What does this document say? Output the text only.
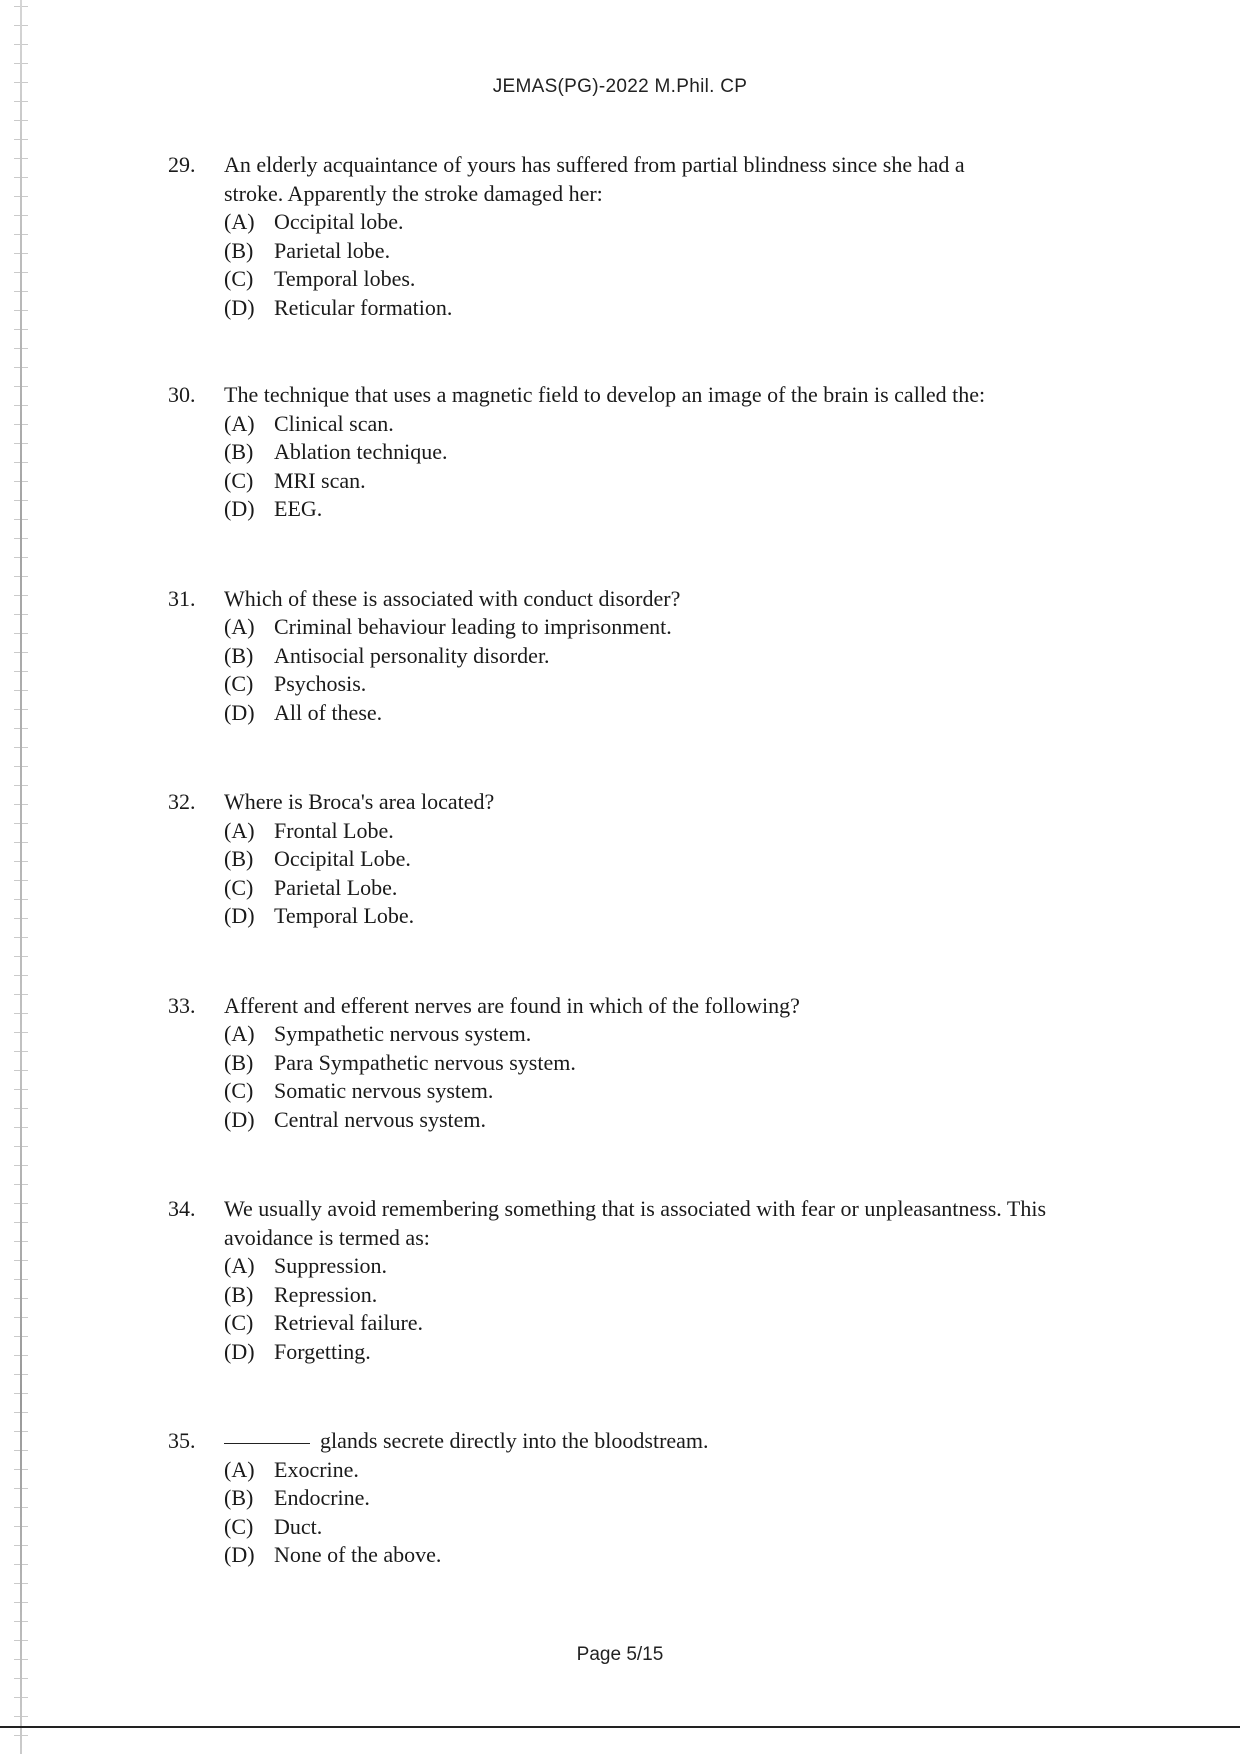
JEMAS(PG)-2022 M.Phil. CP
29.	An elderly acquaintance of yours has suffered from partial blindness since she had a stroke. Apparently the stroke damaged her:
(A) Occipital lobe.
(B) Parietal lobe.
(C) Temporal lobes.
(D) Reticular formation.
30.	The technique that uses a magnetic field to develop an image of the brain is called the:
(A) Clinical scan.
(B) Ablation technique.
(C) MRI scan.
(D) EEG.
31.	Which of these is associated with conduct disorder?
(A) Criminal behaviour leading to imprisonment.
(B) Antisocial personality disorder.
(C) Psychosis.
(D) All of these.
32.	Where is Broca's area located?
(A) Frontal Lobe.
(B) Occipital Lobe.
(C) Parietal Lobe.
(D) Temporal Lobe.
33.	Afferent and efferent nerves are found in which of the following?
(A) Sympathetic nervous system.
(B) Para Sympathetic nervous system.
(C) Somatic nervous system.
(D) Central nervous system.
34.	We usually avoid remembering something that is associated with fear or unpleasantness. This avoidance is termed as:
(A) Suppression.
(B) Repression.
(C) Retrieval failure.
(D) Forgetting.
35.	glands secrete directly into the bloodstream.
(A) Exocrine.
(B) Endocrine.
(C) Duct.
(D) None of the above.
Page 5/15
